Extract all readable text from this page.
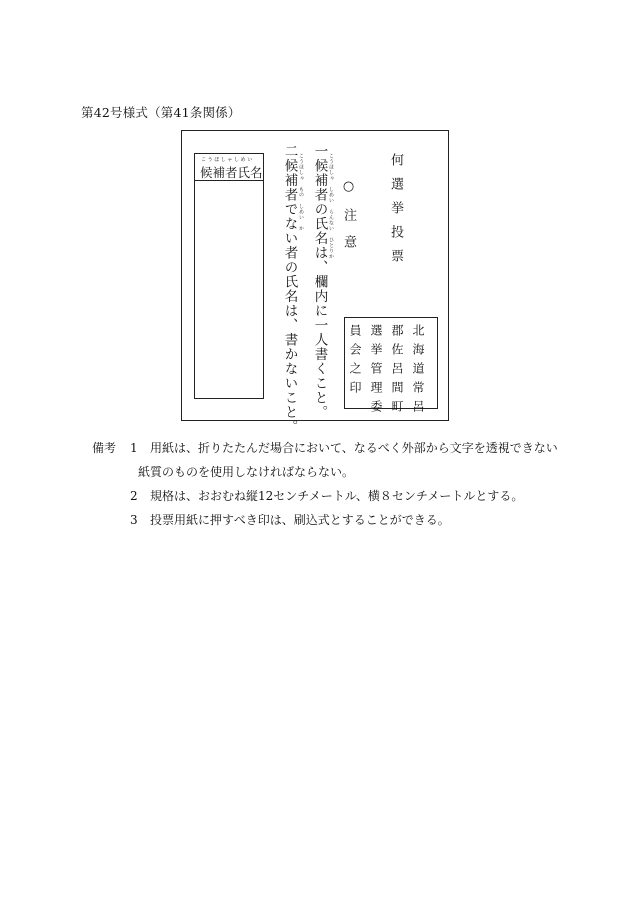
第42号様式（第41条関係）
何選挙投票
○注意
こうほしゃ　しめい　らんない　ひとりか
一候補者の氏名は、欄内に一人書くこと。
こうほしゃ　もの　しめい　か
二候補者でない者の氏名は、書かないこと。
こうほしゃしめい
候補者氏名
北海道常呂
郡佐呂間町
選挙管理委
員会之印
備考 1 用紙は、折りたたんだ場合において、なるべく外部から文字を透視できない
紙質のものを使用しなければならない。
2 規格は、おおむね縦12センチメートル、横８センチメートルとする。
3 投票用紙に押すべき印は、刷込式とすることができる。
